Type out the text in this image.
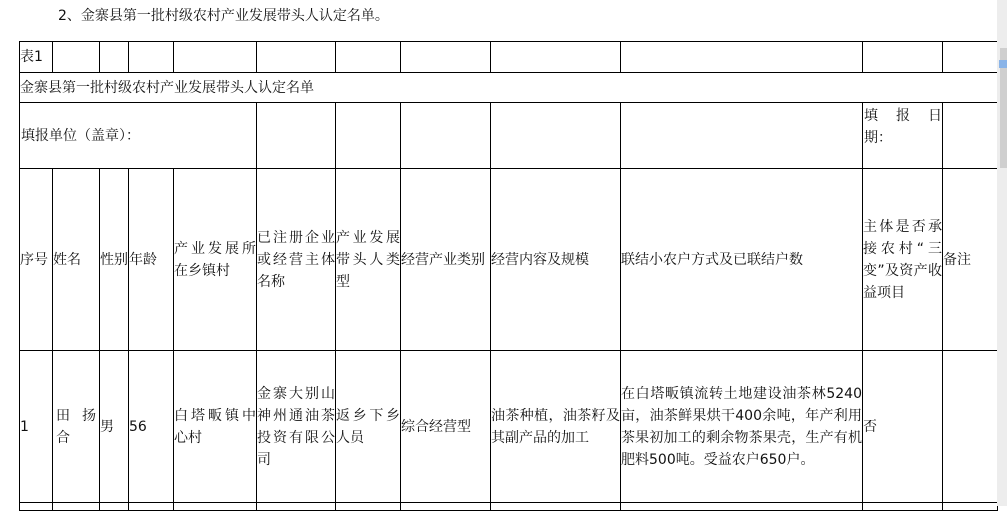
2、金寨县第一批村级农村产业发展带头人认定名单。
表1											
金寨县第一批村级农村产业发展带头人认定名单											
填报单位（盖章）：										填 报 日 期：	
序号	姓名	性别	年龄	产业发展所在乡镇村	已注册企业或经营主体名称	产业发展带头人类型	经营产业类别	经营内容及规模	联结小农户方式及已联结户数	主体是否承接农村“三变”及资产收益项目	备注
1	田 扬合	男	56	白塔畈镇中心村	金寨大别山神州通油茶投资有限公司	返乡下乡人员	综合经营型	油茶种植，油茶籽及其副产品的加工	在白塔畈镇流转土地建设油茶林5240亩，油茶鲜果烘干400余吨，年产利用茶果初加工的剩余物茶果壳，生产有机肥料500吨。受益农户650户。	否	
